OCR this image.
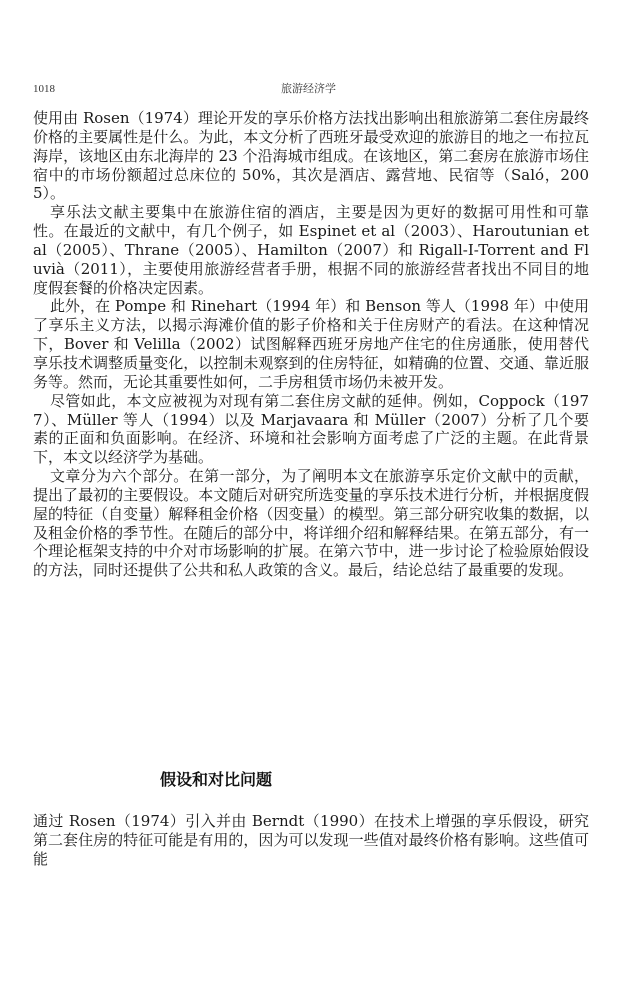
1018	旅游经济学

使用由 Rosen（1974）理论开发的享乐价格方法找出影响出租旅游第二套住房最终价格的主要属性是什么。为此，本文分析了西班牙最受欢迎的旅游目的地之一布拉瓦海岸，该地区由东北海岸的 23 个沿海城市组成。在该地区，第二套房在旅游市场住宿中的市场份额超过总床位的 50%，其次是酒店、露营地、民宿等（Saló，2005）。

享乐法文献主要集中在旅游住宿的酒店，主要是因为更好的数据可用性和可靠性。在最近的文献中，有几个例子，如 Espinet et al（2003）、Haroutunian et al（2005）、Thrane（2005）、Hamilton（2007）和 Rigall-I-Torrent and Fluvià（2011），主要使用旅游经营者手册，根据不同的旅游经营者找出不同目的地度假套餐的价格决定因素。

此外，在 Pompe 和 Rinehart（1994 年）和 Benson 等人（1998 年）中使用了享乐主义方法，以揭示海滩价值的影子价格和关于住房财产的看法。在这种情况下，Bover 和 Velilla（2002）试图解释西班牙房地产住宅的住房通胀，使用替代享乐技术调整质量变化，以控制未观察到的住房特征，如精确的位置、交通、靠近服务等。然而，无论其重要性如何，二手房租赁市场仍未被开发。

尽管如此，本文应被视为对现有第二套住房文献的延伸。例如，Coppock（1977）、Müller 等人（1994）以及 Marjavaara 和 Müller（2007）分析了几个要素的正面和负面影响。在经济、环境和社会影响方面考虑了广泛的主题。在此背景下，本文以经济学为基础。

文章分为六个部分。在第一部分，为了阐明本文在旅游享乐定价文献中的贡献，提出了最初的主要假设。本文随后对研究所选变量的享乐技术进行分析，并根据度假屋的特征（自变量）解释租金价格（因变量）的模型。第三部分研究收集的数据，以及租金价格的季节性。在随后的部分中，将详细介绍和解释结果。在第五部分，有一个理论框架支持的中介对市场影响的扩展。在第六节中，进一步讨论了检验原始假设的方法，同时还提供了公共和私人政策的含义。最后，结论总结了最重要的发现。

假设和对比问题

通过 Rosen（1974）引入并由 Berndt（1990）在技术上增强的享乐假设，研究第二套住房的特征可能是有用的，因为可以发现一些值对最终价格有影响。这些值可能
